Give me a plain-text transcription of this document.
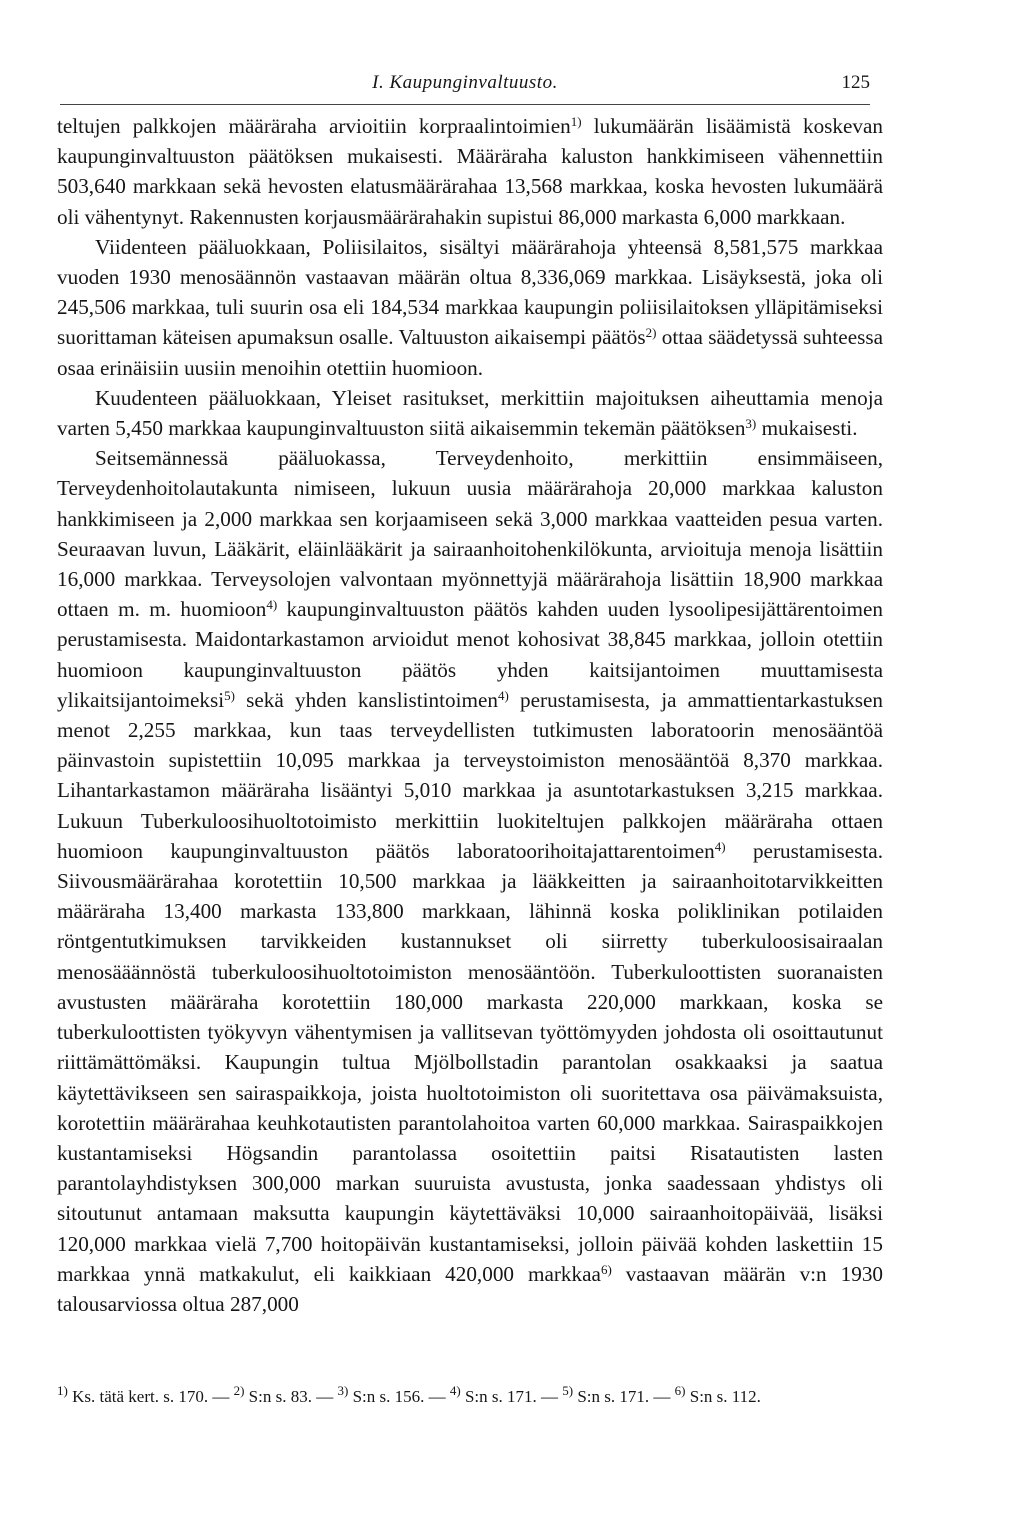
I. Kaupunginvaltuusto.	125

teltujen palkkojen määräraha arvioitiin korpraalintoimien$^{1)}$ lukumäärän lisäämistä koskevan kaupunginvaltuuston päätöksen mukaisesti. Määräraha kaluston hankkimiseen vähennettiin 503,640 markkaan sekä hevosten elatusmäärärahaa 13,568 markkaa, koska hevosten lukumäärä oli vähentynyt. Rakennusten korjausmäärärahakin supistui 86,000 markasta 6,000 markkaan.

Viidenteen pääluokkaan, Poliisilaitos, sisältyi määrärahoja yhteensä 8,581,575 markkaa vuoden 1930 menosäännön vastaavan määrän oltua 8,336,069 markkaa. Lisäyksestä, joka oli 245,506 markkaa, tuli suurin osa eli 184,534 markkaa kaupungin poliisilaitoksen ylläpitämiseksi suorittaman käteisen apumaksun osalle. Valtuuston aikaisempi päätös$^{2)}$ ottaa säädetyssä suhteessa osaa erinäisiin uusiin menoihin otettiin huomioon.

Kuudenteen pääluokkaan, Yleiset rasitukset, merkittiin majoituksen aiheuttamia menoja varten 5,450 markkaa kaupunginvaltuuston siitä aikaisemmin tekemän päätöksen$^{3)}$ mukaisesti.

Seitsemännessä pääluokassa, Terveydenhoito, merkittiin ensimmäiseen, Terveydenhoitolautakunta nimiseen, lukuun uusia määrärahoja 20,000 markkaa kaluston hankkimiseen ja 2,000 markkaa sen korjaamiseen sekä 3,000 markkaa vaatteiden pesua varten. Seuraavan luvun, Lääkärit, eläinlääkärit ja sairaanhoitohenkilökunta, arvioituja menoja lisättiin 16,000 markkaa. Terveysolojen valvontaan myönnettyjä määrärahoja lisättiin 18,900 markkaa ottaen m. m. huomioon$^{4)}$ kaupunginvaltuuston päätös kahden uuden lysoolipesijättärentoimen perustamisesta. Maidontarkastamon arvioidut menot kohosivat 38,845 markkaa, jolloin otettiin huomioon kaupunginvaltuuston päätös yhden kaitsijantoimen muuttamisesta ylikaitsijantoimeksi$^{5)}$ sekä yhden kanslistintoimen$^{4)}$ perustamisesta, ja ammattientarkastuksen menot 2,255 markkaa, kun taas terveydellisten tutkimusten laboratoorin menosääntöä päinvastoin supistettiin 10,095 markkaa ja terveystoimiston menosääntöä 8,370 markkaa. Lihantarkastamon määräraha lisääntyi 5,010 markkaa ja asuntotarkastuksen 3,215 markkaa. Lukuun Tuberkuloosihuoltotoimisto merkittiin luokiteltujen palkkojen määräraha ottaen huomioon kaupunginvaltuuston päätös laboratoorihoitajattarentoimen$^{4)}$ perustamisesta. Siivousmäärärahaa korotettiin 10,500 markkaa ja lääkkeitten ja sairaanhoitotarvikkeitten määräraha 13,400 markasta 133,800 markkaan, lähinnä koska poliklinikan potilaiden röntgentutkimuksen tarvikkeiden kustannukset oli siirretty tuberkuloosisairaalan menosääännöstä tuberkuloosihuoltotoimiston menosääntöön. Tuberkuloottisten suoranaisten avustusten määräraha korotettiin 180,000 markasta 220,000 markkaan, koska se tuberkuloottisten työkyvyn vähentymisen ja vallitsevan työttömyyden johdosta oli osoittautunut riittämättömäksi. Kaupungin tultua Mjölbollstadin parantolan osakkaaksi ja saatua käytettävikseen sen sairaspaikkoja, joista huoltotoimiston oli suoritettava osa päivämaksuista, korotettiin määrärahaa keuhkotautisten parantolahoitoa varten 60,000 markkaa. Sairaspaikkojen kustantamiseksi Högsandin parantolassa osoitettiin paitsi Risatautisten lasten parantolayhdistyksen 300,000 markan suuruista avustusta, jonka saadessaan yhdistys oli sitoutunut antamaan maksutta kaupungin käytettäväksi 10,000 sairaanhoitopäivää, lisäksi 120,000 markkaa vielä 7,700 hoitopäivän kustantamiseksi, jolloin päivää kohden laskettiin 15 markkaa ynnä matkakulut, eli kaikkiaan 420,000 markkaa$^{6)}$ vastaavan määrän v:n 1930 talousarviossa oltua 287,000

$^{1)}$ Ks. tätä kert. s. 170. — $^{2)}$ S:n s. 83. — $^{3)}$ S:n s. 156. — $^{4)}$ S:n s. 171. — $^{5)}$ S:n s. 171. — $^{6)}$ S:n s. 112.
